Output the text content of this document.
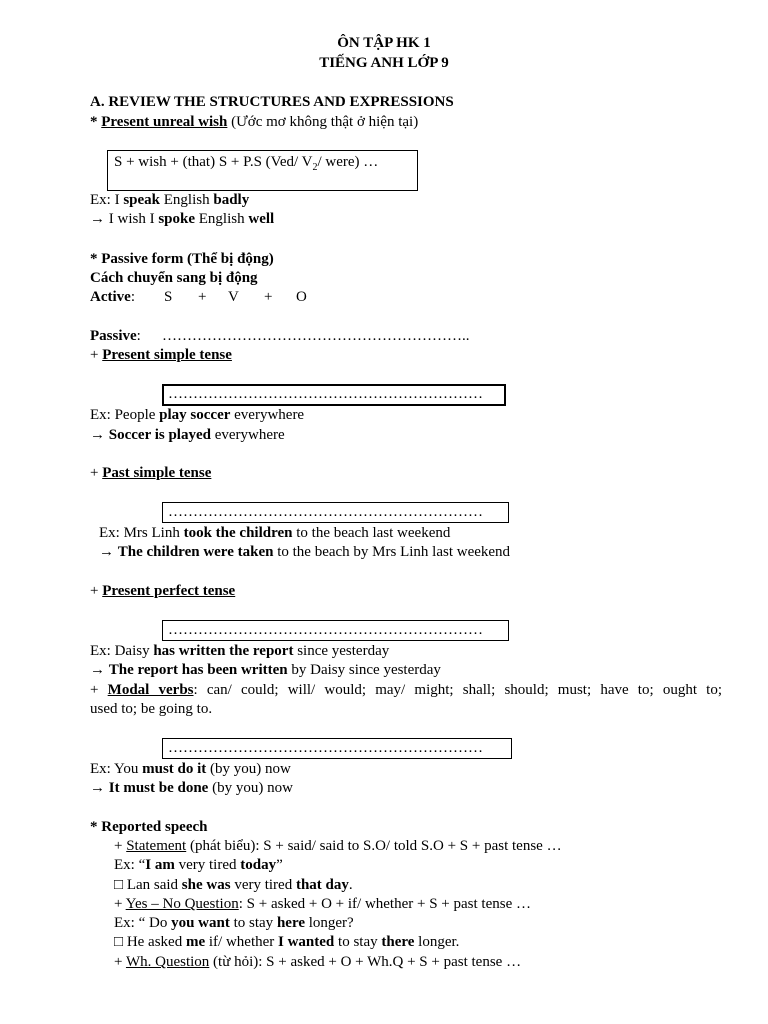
ÔN TẬP HK 1
TIẾNG ANH LỚP 9
A. REVIEW THE STRUCTURES AND EXPRESSIONS
* Present unreal wish (Ước mơ không thật ở hiện tại)
S + wish + (that) S + P.S (Ved/ $V_2/$ were) …
Ex: I speak English badly
→ I wish I spoke English well
* Passive form (Thể bị động)
Cách chuyển sang bị động
Active: S + V + O
Passive: ……………………………………………………..
+ Present simple tense
………………………………………………………
Ex: People play soccer everywhere
→ Soccer is played everywhere
+ Past simple tense
………………………………………………………
Ex: Mrs Linh took the children to the beach last weekend
→ The children were taken to the beach by Mrs Linh last weekend
+ Present perfect tense
………………………………………………………
Ex: Daisy has written the report since yesterday
→ The report has been written by Daisy since yesterday
+ Modal verbs: can/ could; will/ would; may/ might; shall; should; must; have to; ought to;
used to; be going to.
………………………………………………………
Ex: You must do it (by you) now
→ It must be done (by you) now
* Reported speech
+ Statement (phát biểu): S + said/ said to S.O/ told S.O + S + past tense …
Ex: “I am very tired today”
□ Lan said she was very tired that day.
+ Yes – No Question: S + asked + O + if/ whether + S + past tense …
Ex: “ Do you want to stay here longer?
□ He asked me if/ whether I wanted to stay there longer.
+ Wh. Question (từ hỏi): S + asked + O + Wh.Q + S + past tense …
